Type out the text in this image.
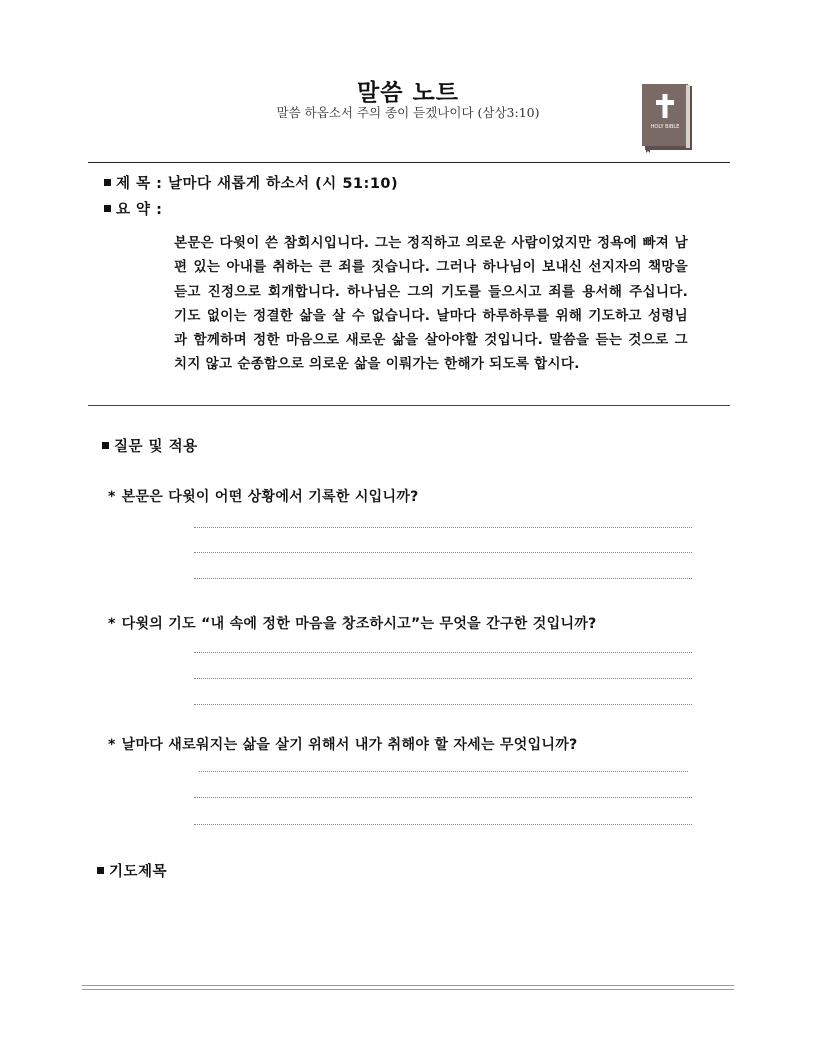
말씀 노트
말씀 하옵소서 주의 종이 듣겠나이다 (삼상3:10)
HOLY BIBLE
제 목 : 날마다 새롭게 하소서 (시 51:10)
요 약 :
본문은 다윗이 쓴 참회시입니다. 그는 정직하고 의로운 사람이었지만 정욕에 빠져 남편 있는 아내를 취하는 큰 죄를 짓습니다. 그러나 하나님이 보내신 선지자의 책망을 듣고 진정으로 회개합니다. 하나님은 그의 기도를 들으시고 죄를 용서해 주십니다. 기도 없이는 정결한 삶을 살 수 없습니다. 날마다 하루하루를 위해 기도하고 성령님과 함께하며 정한 마음으로 새로운 삶을 살아야할 것입니다. 말씀을 듣는 것으로 그치지 않고 순종함으로 의로운 삶을 이뤄가는 한해가 되도록 합시다.
질문 및 적용
* 본문은 다윗이 어떤 상황에서 기록한 시입니까?
* 다윗의 기도 “내 속에 정한 마음을 창조하시고”는 무엇을 간구한 것입니까?
* 날마다 새로워지는 삶을 살기 위해서 내가 취해야 할 자세는 무엇입니까?
기도제목
